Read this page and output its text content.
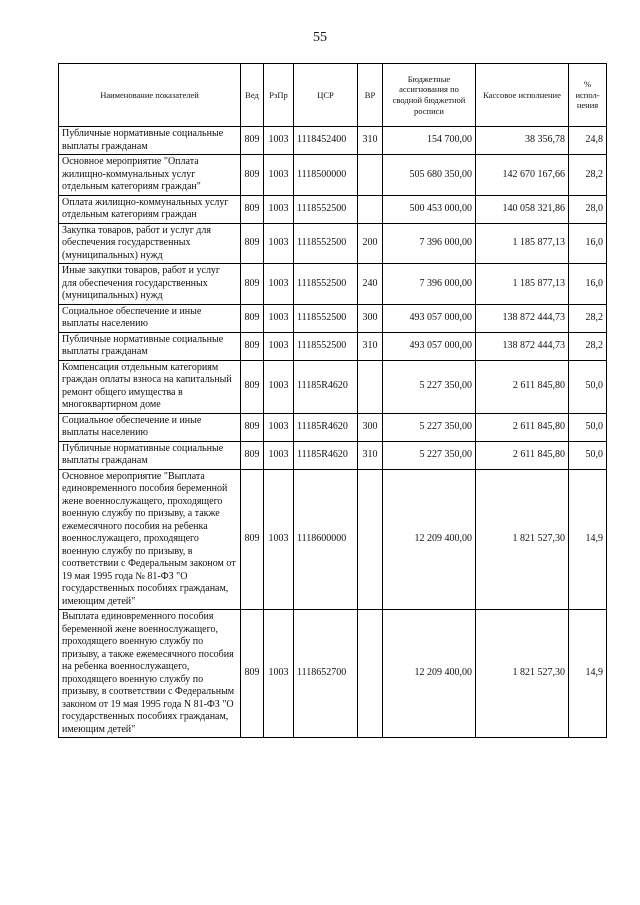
55
Наименование показателей	Вед	РзПр	ЦСР	ВР	Бюджетные ассигнования по сводной бюджетной росписи	Кассовое исполнение	% испол-нения
Публичные нормативные социальные выплаты гражданам	809	1003	1118452400	310	154 700,00	38 356,78	24,8
Основное мероприятие "Оплата жилищно-коммунальных услуг отдельным категориям граждан"	809	1003	1118500000		505 680 350,00	142 670 167,66	28,2
Оплата жилищно-коммунальных услуг отдельным категориям граждан	809	1003	1118552500		500 453 000,00	140 058 321,86	28,0
Закупка товаров, работ и услуг для обеспечения государственных (муниципальных) нужд	809	1003	1118552500	200	7 396 000,00	1 185 877,13	16,0
Иные закупки товаров, работ и услуг для обеспечения государственных (муниципальных) нужд	809	1003	1118552500	240	7 396 000,00	1 185 877,13	16,0
Социальное обеспечение и иные выплаты населению	809	1003	1118552500	300	493 057 000,00	138 872 444,73	28,2
Публичные нормативные социальные выплаты гражданам	809	1003	1118552500	310	493 057 000,00	138 872 444,73	28,2
Компенсация отдельным категориям граждан оплаты взноса на капитальный ремонт общего имущества в многоквартирном доме	809	1003	11185R4620		5 227 350,00	2 611 845,80	50,0
Социальное обеспечение и иные выплаты населению	809	1003	11185R4620	300	5 227 350,00	2 611 845,80	50,0
Публичные нормативные социальные выплаты гражданам	809	1003	11185R4620	310	5 227 350,00	2 611 845,80	50,0
Основное мероприятие "Выплата единовременного пособия беременной жене военнослужащего, проходящего военную службу по призыву, а также ежемесячного пособия на ребенка военнослужащего, проходящего военную службу по призыву, в соответствии с Федеральным законом от 19 мая 1995 года № 81-ФЗ "О государственных пособиях гражданам, имеющим детей"	809	1003	1118600000		12 209 400,00	1 821 527,30	14,9
Выплата единовременного пособия беременной жене военнослужащего, проходящего военную службу по призыву, а также ежемесячного пособия на ребенка военнослужащего, проходящего военную службу по призыву, в соответствии с Федеральным законом от 19 мая 1995 года N 81-ФЗ "О государственных пособиях гражданам, имеющим детей"	809	1003	1118652700		12 209 400,00	1 821 527,30	14,9
